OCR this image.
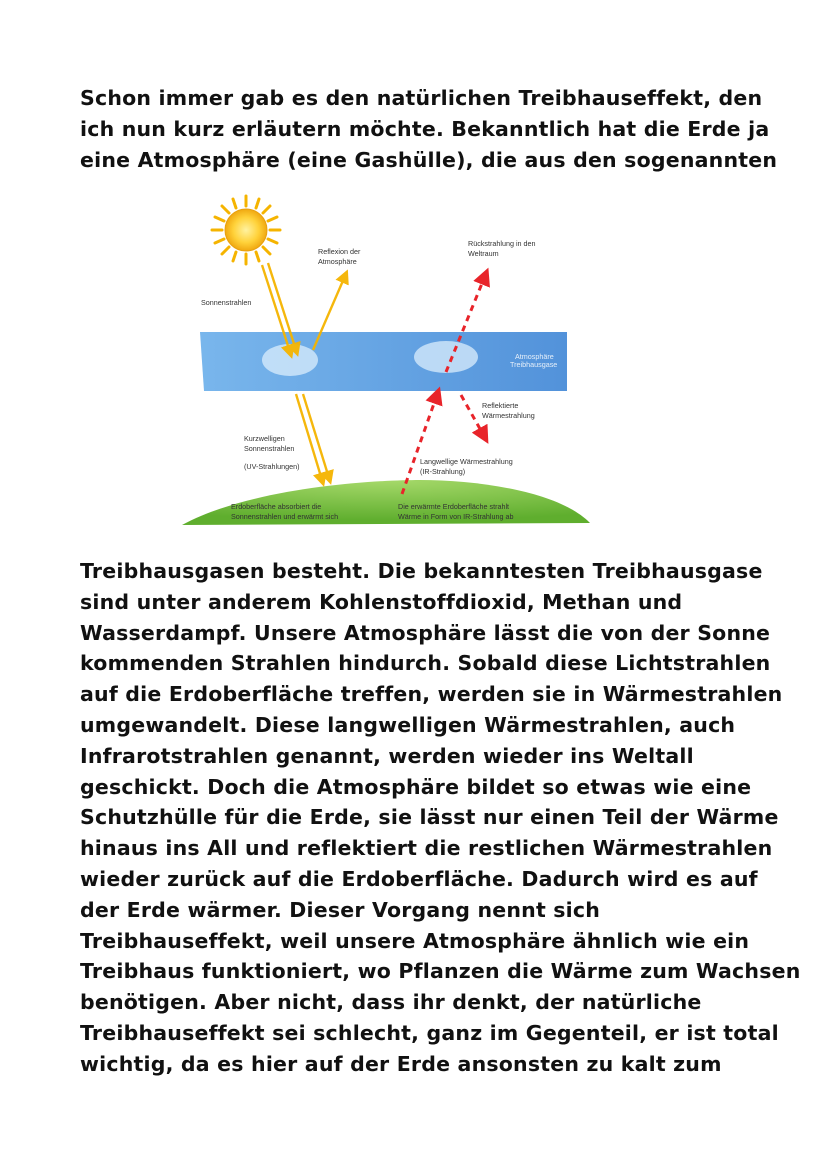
Schon immer gab es den natürlichen Treibhauseffekt, den
ich nun kurz erläutern möchte. Bekanntlich hat die Erde ja
eine Atmosphäre (eine Gashülle), die aus den sogenannten
Reflexion der
Atmosphäre
Rückstrahlung in den
Weltraum
Sonnenstrahlen
Atmosphäre
Treibhausgase
Reflektierte
Wärmestrahlung
Kurzwelligen
Sonnenstrahlen
(UV-Strahlungen)
Langwellige Wärmestrahlung
(IR-Strahlung)
Erdoberfläche absorbiert die
Sonnenstrahlen und erwärmt sich
Die erwärmte Erdoberfläche strahlt
Wärme in Form von IR-Strahlung ab
Treibhausgasen besteht. Die bekanntesten Treibhausgase
sind unter anderem Kohlenstoffdioxid, Methan und
Wasserdampf. Unsere Atmosphäre lässt die von der Sonne
kommenden Strahlen hindurch. Sobald diese Lichtstrahlen
auf die Erdoberfläche treffen, werden sie in Wärmestrahlen
umgewandelt. Diese langwelligen Wärmestrahlen, auch
Infrarotstrahlen genannt, werden wieder ins Weltall
geschickt. Doch die Atmosphäre bildet so etwas wie eine
Schutzhülle für die Erde, sie lässt nur einen Teil der Wärme
hinaus ins All und reflektiert die restlichen Wärmestrahlen
wieder zurück auf die Erdoberfläche. Dadurch wird es auf
der Erde wärmer. Dieser Vorgang nennt sich
Treibhauseffekt, weil unsere Atmosphäre ähnlich wie ein
Treibhaus funktioniert, wo Pflanzen die Wärme zum Wachsen
benötigen. Aber nicht, dass ihr denkt, der natürliche
Treibhauseffekt sei schlecht, ganz im Gegenteil, er ist total
wichtig, da es hier auf der Erde ansonsten zu kalt zum
